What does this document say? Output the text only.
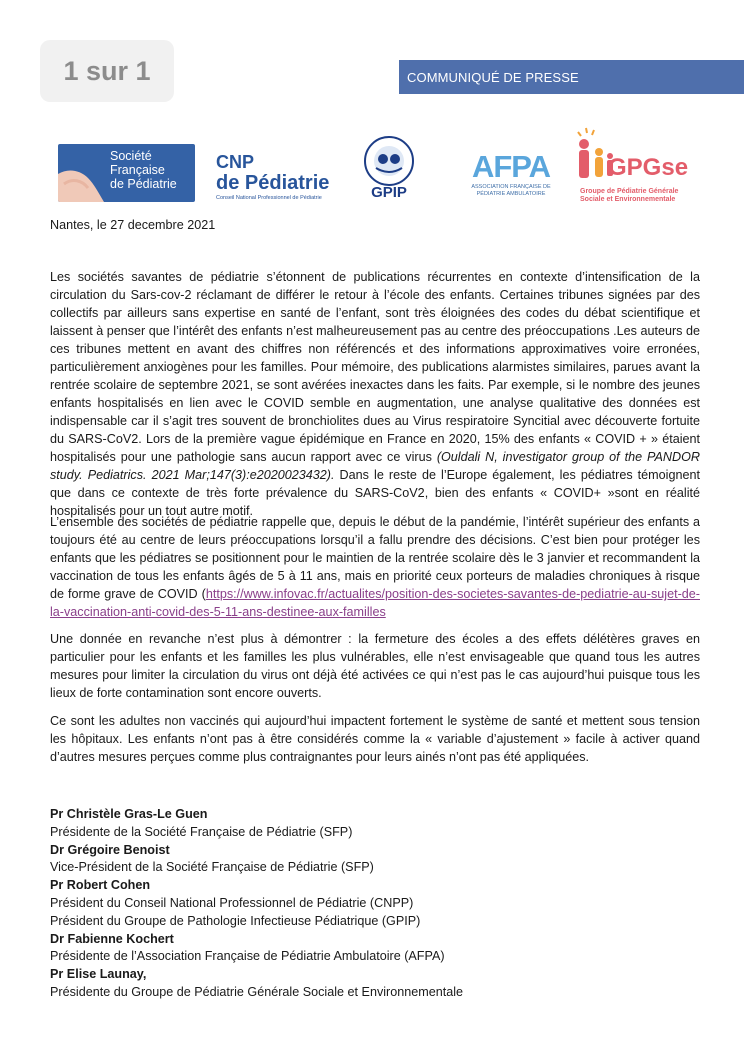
1 sur 1	COMMUNIQUÉ DE PRESSE
Société
Française
de Pédiatrie
CNP
de Pédiatrie
Conseil National Professionnel de Pédiatrie	GPIP
AFPA
ASSOCIATION FRANÇAISE DE PÉDIATRIE AMBULATOIRE
GPGse
Groupe de Pédiatrie Générale Sociale et Environnementale
Nantes, le 27 decembre 2021

Les sociétés savantes de pédiatrie s’étonnent de publications récurrentes en contexte d’intensification de la circulation du Sars-cov-2 réclamant de différer le retour à l’école des enfants. Certaines tribunes signées par des collectifs par ailleurs sans expertise en santé de l’enfant, sont très éloignées des codes du débat scientifique et laissent à penser que l’intérêt des enfants n’est malheureusement pas au centre des préoccupations .Les auteurs de ces tribunes mettent en avant des chiffres non référencés et des informations approximatives voire erronées, particulièrement anxiogènes pour les familles. Pour mémoire, des publications alarmistes similaires, parues avant la rentrée scolaire de septembre 2021, se sont avérées inexactes dans les faits. Par exemple, si le nombre des jeunes enfants hospitalisés en lien avec le COVID semble en augmentation, une analyse qualitative des données est indispensable car il s’agit tres souvent de bronchiolites dues au Virus respiratoire Syncitial avec découverte fortuite du SARS-CoV2. Lors de la première vague épidémique en France en 2020, 15% des enfants « COVID + » étaient hospitalisés pour une pathologie sans aucun rapport avec ce virus (Ouldali N, investigator group of the PANDOR study. Pediatrics. 2021 Mar;147(3):e2020023432). Dans le reste de l’Europe également, les pédiatres témoignent que dans ce contexte de très forte prévalence du SARS-CoV2, bien des enfants « COVID+ »sont en réalité hospitalisés pour un tout autre motif.

L’ensemble des sociétés de pédiatrie rappelle que, depuis le début de la pandémie, l’intérêt supérieur des enfants a toujours été au centre de leurs préoccupations lorsqu’il a fallu prendre des décisions. C’est bien pour protéger les enfants que les pédiatres se positionnent pour le maintien de la rentrée scolaire dès le 3 janvier et recommandent la vaccination de tous les enfants âgés de 5 à 11 ans, mais en priorité ceux porteurs de maladies chroniques à risque de forme grave de COVID (https://www.infovac.fr/actualites/position-des-societes-savantes-de-pediatrie-au-sujet-de-la-vaccination-anti-covid-des-5-11-ans-destinee-aux-familles

Une donnée en revanche n’est plus à démontrer : la fermeture des écoles a des effets délétères graves en particulier pour les enfants et les familles les plus vulnérables, elle n’est envisageable que quand tous les autres mesures pour limiter la circulation du virus ont déjà été activées ce qui n’est pas le cas aujourd’hui puisque tous les lieux de forte contamination sont encore ouverts.

Ce sont les adultes non vaccinés qui aujourd’hui impactent fortement le système de santé et mettent sous tension les hôpitaux. Les enfants n’ont pas à être considérés comme la « variable d’ajustement » facile à activer quand d’autres mesures perçues comme plus contraignantes pour leurs ainés n’ont pas été appliquées.

Pr Christèle Gras-Le Guen
Présidente de la Société Française de Pédiatrie (SFP)
Dr Grégoire Benoist
Vice-Président de la Société Française de Pédiatrie (SFP)
Pr Robert Cohen
Président du Conseil National Professionnel de Pédiatrie (CNPP)
Président du Groupe de Pathologie Infectieuse Pédiatrique (GPIP)
Dr Fabienne Kochert
Présidente de l’Association Française de Pédiatrie Ambulatoire (AFPA)
Pr Elise Launay,
Présidente du Groupe de Pédiatrie Générale Sociale et Environnementale
